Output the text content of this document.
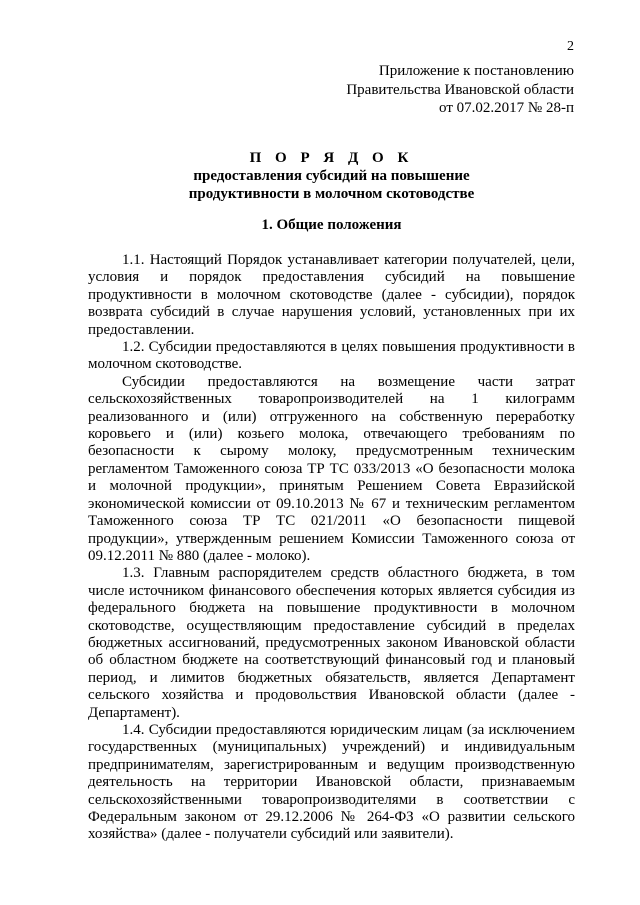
2
Приложение к постановлению
Правительства Ивановской области
от 07.02.2017 № 28-п
П О Р Я Д О К
предоставления субсидий на повышение
продуктивности в молочном скотоводстве
1. Общие положения

1.1. Настоящий Порядок устанавливает категории получателей, цели, условия и порядок предоставления субсидий на повышение продуктивности в молочном скотоводстве (далее - субсидии), порядок возврата субсидий в случае нарушения условий, установленных при их предоставлении.

1.2. Субсидии предоставляются в целях повышения продуктивности в молочном скотоводстве.

Субсидии предоставляются на возмещение части затрат сельскохозяйственных товаропроизводителей на 1 килограмм реализованного и (или) отгруженного на собственную переработку коровьего и (или) козьего молока, отвечающего требованиям по безопасности к сырому молоку, предусмотренным техническим регламентом Таможенного союза ТР ТС 033/2013 «О безопасности молока и молочной продукции», принятым Решением Совета Евразийской экономической комиссии от 09.10.2013 № 67 и техническим регламентом Таможенного союза ТР ТС 021/2011 «О безопасности пищевой продукции», утвержденным решением Комиссии Таможенного союза от 09.12.2011 № 880 (далее - молоко).

1.3. Главным распорядителем средств областного бюджета, в том числе источником финансового обеспечения которых является субсидия из федерального бюджета на повышение продуктивности в молочном скотоводстве, осуществляющим предоставление субсидий в пределах бюджетных ассигнований, предусмотренных законом Ивановской области об областном бюджете на соответствующий финансовый год и плановый период, и лимитов бюджетных обязательств, является Департамент сельского хозяйства и продовольствия Ивановской области (далее - Департамент).

1.4. Субсидии предоставляются юридическим лицам (за исключением государственных (муниципальных) учреждений) и индивидуальным предпринимателям, зарегистрированным и ведущим производственную деятельность на территории Ивановской области, признаваемым сельскохозяйственными товаропроизводителями в соответствии с Федеральным законом от 29.12.2006 № 264-ФЗ «О развитии сельского хозяйства» (далее - получатели субсидий или заявители).
